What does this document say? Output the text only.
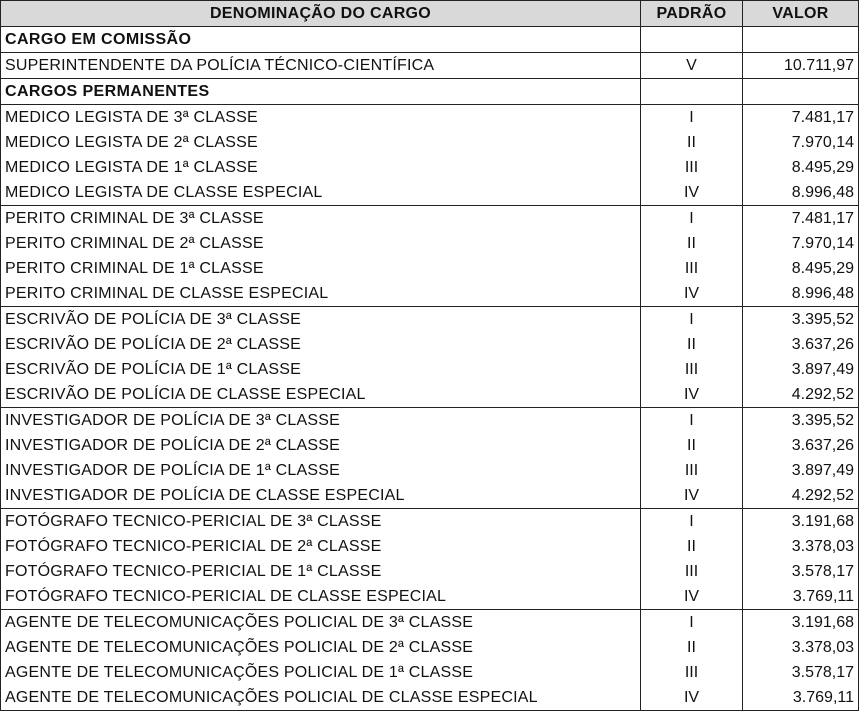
DENOMINAÇÃO DO CARGO	PADRÃO	VALOR
CARGO EM COMISSÃO		
SUPERINTENDENTE DA POLÍCIA TÉCNICO-CIENTÍFICA	V	10.711,97
CARGOS PERMANENTES		
MEDICO LEGISTA DE 3ª CLASSE	I	7.481,17
MEDICO LEGISTA DE 2ª CLASSE	II	7.970,14
MEDICO LEGISTA DE 1ª CLASSE	III	8.495,29
MEDICO LEGISTA DE CLASSE ESPECIAL	IV	8.996,48
PERITO CRIMINAL DE 3ª CLASSE	I	7.481,17
PERITO CRIMINAL DE 2ª CLASSE	II	7.970,14
PERITO CRIMINAL DE 1ª CLASSE	III	8.495,29
PERITO CRIMINAL DE CLASSE ESPECIAL	IV	8.996,48
ESCRIVÃO DE POLÍCIA DE 3ª CLASSE	I	3.395,52
ESCRIVÃO DE POLÍCIA DE 2ª CLASSE	II	3.637,26
ESCRIVÃO DE POLÍCIA DE 1ª CLASSE	III	3.897,49
ESCRIVÃO DE POLÍCIA DE CLASSE ESPECIAL	IV	4.292,52
INVESTIGADOR DE POLÍCIA DE 3ª CLASSE	I	3.395,52
INVESTIGADOR DE POLÍCIA DE 2ª CLASSE	II	3.637,26
INVESTIGADOR DE POLÍCIA DE 1ª CLASSE	III	3.897,49
INVESTIGADOR DE POLÍCIA DE CLASSE ESPECIAL	IV	4.292,52
FOTÓGRAFO TECNICO-PERICIAL DE 3ª CLASSE	I	3.191,68
FOTÓGRAFO TECNICO-PERICIAL DE 2ª CLASSE	II	3.378,03
FOTÓGRAFO TECNICO-PERICIAL DE 1ª CLASSE	III	3.578,17
FOTÓGRAFO TECNICO-PERICIAL DE CLASSE ESPECIAL	IV	3.769,11
AGENTE DE TELECOMUNICAÇÕES POLICIAL DE 3ª CLASSE	I	3.191,68
AGENTE DE TELECOMUNICAÇÕES POLICIAL DE 2ª CLASSE	II	3.378,03
AGENTE DE TELECOMUNICAÇÕES POLICIAL DE 1ª CLASSE	III	3.578,17
AGENTE DE TELECOMUNICAÇÕES POLICIAL DE CLASSE ESPECIAL	IV	3.769,11
